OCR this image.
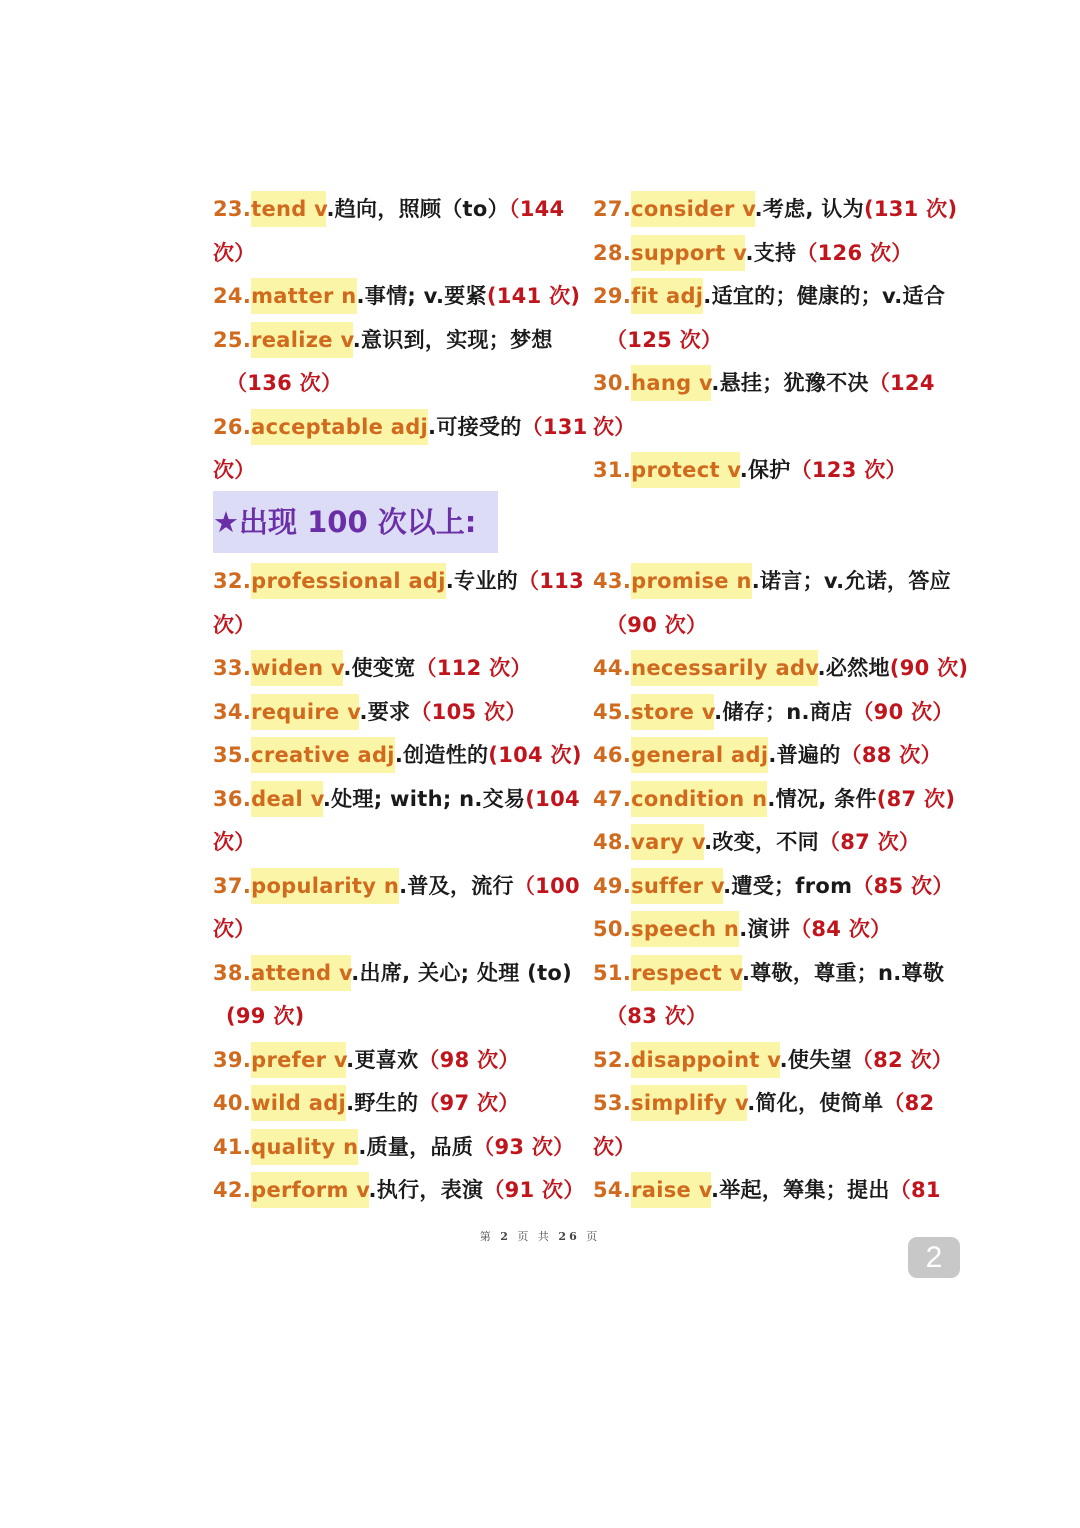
23.tend v.趋向，照顾（to）（144
次）
24.matter n.事情; v.要紧(141 次)
25.realize v.意识到，实现；梦想
（136 次）
26.acceptable adj.可接受的（131
次）
27.consider v.考虑, 认为(131 次)
28.support v.支持（126 次）
29.fit adj.适宜的；健康的；v.适合
（125 次）
30.hang v.悬挂；犹豫不决（124
次）
31.protect v.保护（123 次）
★出现 100 次以上:
32.professional adj.专业的（113
次）
33.widen v.使变宽（112 次）
34.require v.要求（105 次）
35.creative adj.创造性的(104 次)
36.deal v.处理; with; n.交易(104
次）
37.popularity n.普及，流行（100
次）
38.attend v.出席, 关心; 处理 (to)
(99 次)
39.prefer v.更喜欢（98 次）
40.wild adj.野生的（97 次）
41.quality n.质量，品质（93 次）
42.perform v.执行，表演（91 次）
43.promise n.诺言；v.允诺，答应
（90 次）
44.necessarily adv.必然地(90 次)
45.store v.储存；n.商店（90 次）
46.general adj.普遍的（88 次）
47.condition n.情况, 条件(87 次)
48.vary v.改变，不同（87 次）
49.suffer v.遭受；from（85 次）
50.speech n.演讲（84 次）
51.respect v.尊敬，尊重；n.尊敬
（83 次）
52.disappoint v.使失望（82 次）
53.simplify v.简化，使简单（82
次）
54.raise v.举起，筹集；提出（81
第 2 页 共 26 页
2
